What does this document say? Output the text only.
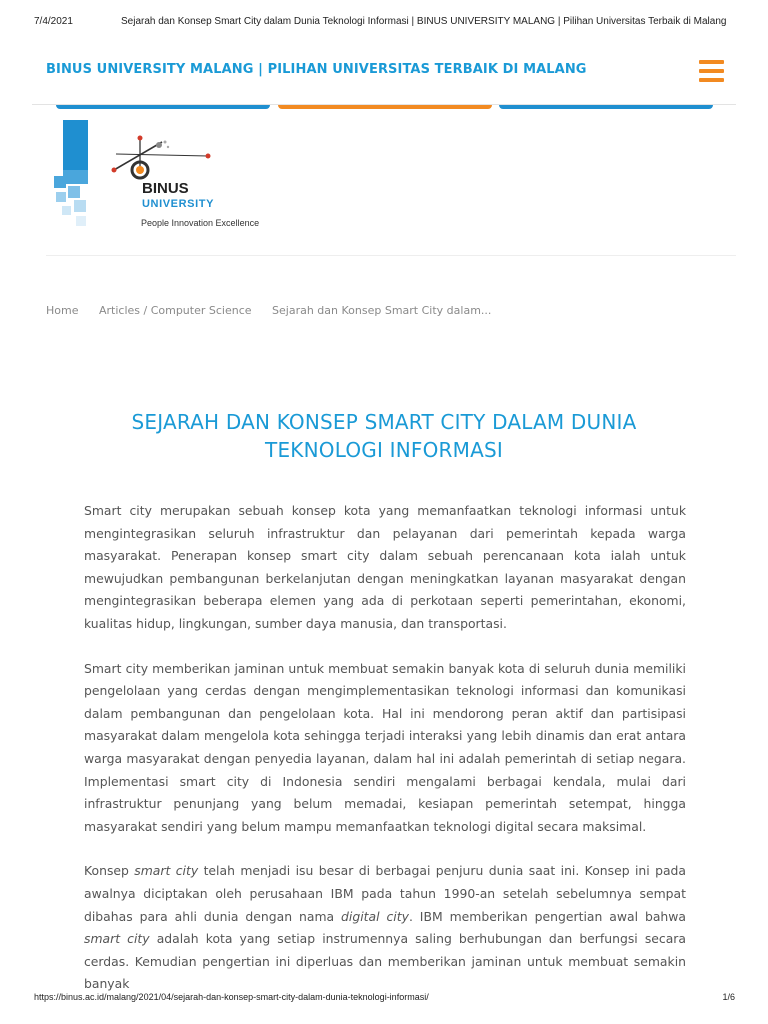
7/4/2021	Sejarah dan Konsep Smart City dalam Dunia Teknologi Informasi | BINUS UNIVERSITY MALANG | Pilihan Universitas Terbaik di Malang
BINUS UNIVERSITY MALANG | PILIHAN UNIVERSITAS TERBAIK DI MALANG
BINUS
UNIVERSITY
People Innovation Excellence
Home Articles / Computer Science Sejarah dan Konsep Smart City dalam...
SEJARAH DAN KONSEP SMART CITY DALAM DUNIA TEKNOLOGI INFORMASI

Smart city merupakan sebuah konsep kota yang memanfaatkan teknologi informasi untuk mengintegrasikan seluruh infrastruktur dan pelayanan dari pemerintah kepada warga masyarakat. Penerapan konsep smart city dalam sebuah perencanaan kota ialah untuk mewujudkan pembangunan berkelanjutan dengan meningkatkan layanan masyarakat dengan mengintegrasikan beberapa elemen yang ada di perkotaan seperti pemerintahan, ekonomi, kualitas hidup, lingkungan, sumber daya manusia, dan transportasi.

Smart city memberikan jaminan untuk membuat semakin banyak kota di seluruh dunia memiliki pengelolaan yang cerdas dengan mengimplementasikan teknologi informasi dan komunikasi dalam pembangunan dan pengelolaan kota. Hal ini mendorong peran aktif dan partisipasi masyarakat dalam mengelola kota sehingga terjadi interaksi yang lebih dinamis dan erat antara warga masyarakat dengan penyedia layanan, dalam hal ini adalah pemerintah di setiap negara. Implementasi smart city di Indonesia sendiri mengalami berbagai kendala, mulai dari infrastruktur penunjang yang belum memadai, kesiapan pemerintah setempat, hingga masyarakat sendiri yang belum mampu memanfaatkan teknologi digital secara maksimal.

Konsep smart city telah menjadi isu besar di berbagai penjuru dunia saat ini. Konsep ini pada awalnya diciptakan oleh perusahaan IBM pada tahun 1990-an setelah sebelumnya sempat dibahas para ahli dunia dengan nama digital city. IBM memberikan pengertian awal bahwa smart city adalah kota yang setiap instrumennya saling berhubungan dan berfungsi secara cerdas. Kemudian pengertian ini diperluas dan memberikan jaminan untuk membuat semakin banyak

https://binus.ac.id/malang/2021/04/sejarah-dan-konsep-smart-city-dalam-dunia-teknologi-informasi/	1/6
